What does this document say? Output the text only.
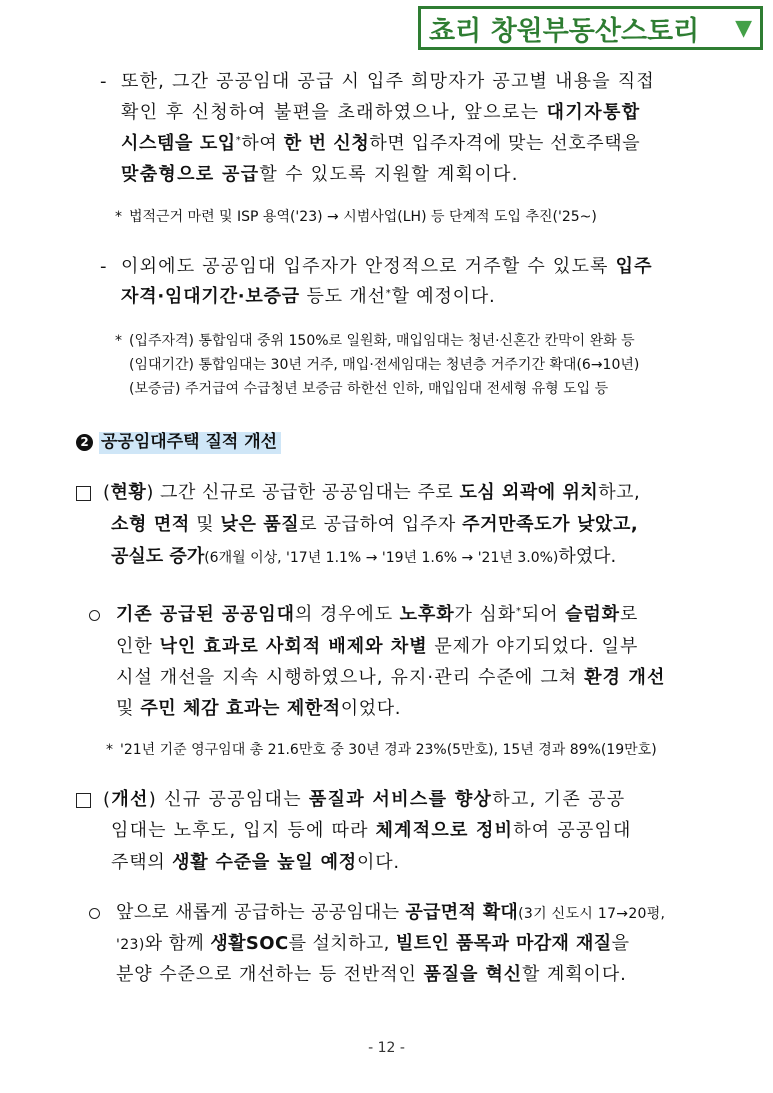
쵸리 창원부동산스토리 ▼
- 또한, 그간 공공임대 공급 시 입주 희망자가 공고별 내용을 직접
확인 후 신청하여 불편을 초래하였으나, 앞으로는 대기자통합
시스템을 도입*하여 한 번 신청하면 입주자격에 맞는 선호주택을
맞춤형으로 공급할 수 있도록 지원할 계획이다.
* 법적근거 마련 및 ISP 용역('23) → 시범사업(LH) 등 단계적 도입 추진('25~)
- 이외에도 공공임대 입주자가 안정적으로 거주할 수 있도록 입주
자격·임대기간·보증금 등도 개선*할 예정이다.
* (입주자격) 통합임대 중위 150%로 일원화, 매입임대는 청년·신혼간 칸막이 완화 등
(임대기간) 통합임대는 30년 거주, 매입·전세임대는 청년층 거주기간 확대(6→10년)
(보증금) 주거급여 수급청년 보증금 하한선 인하, 매입임대 전세형 유형 도입 등
2 공공임대주택 질적 개선
(현황) 그간 신규로 공급한 공공임대는 주로 도심 외곽에 위치하고,
소형 면적 및 낮은 품질로 공급하여 입주자 주거만족도가 낮았고,
공실도 증가(6개월 이상, '17년 1.1% → '19년 1.6% → '21년 3.0%)하였다.
기존 공급된 공공임대의 경우에도 노후화가 심화*되어 슬럼화로
인한 낙인 효과로 사회적 배제와 차별 문제가 야기되었다. 일부
시설 개선을 지속 시행하였으나, 유지·관리 수준에 그쳐 환경 개선
및 주민 체감 효과는 제한적이었다.
* '21년 기준 영구임대 총 21.6만호 중 30년 경과 23%(5만호), 15년 경과 89%(19만호)
(개선) 신규 공공임대는 품질과 서비스를 향상하고, 기존 공공
임대는 노후도, 입지 등에 따라 체계적으로 정비하여 공공임대
주택의 생활 수준을 높일 예정이다.
앞으로 새롭게 공급하는 공공임대는 공급면적 확대(3기 신도시 17→20평,
'23)와 함께 생활SOC를 설치하고, 빌트인 품목과 마감재 재질을
분양 수준으로 개선하는 등 전반적인 품질을 혁신할 계획이다.
- 12 -
